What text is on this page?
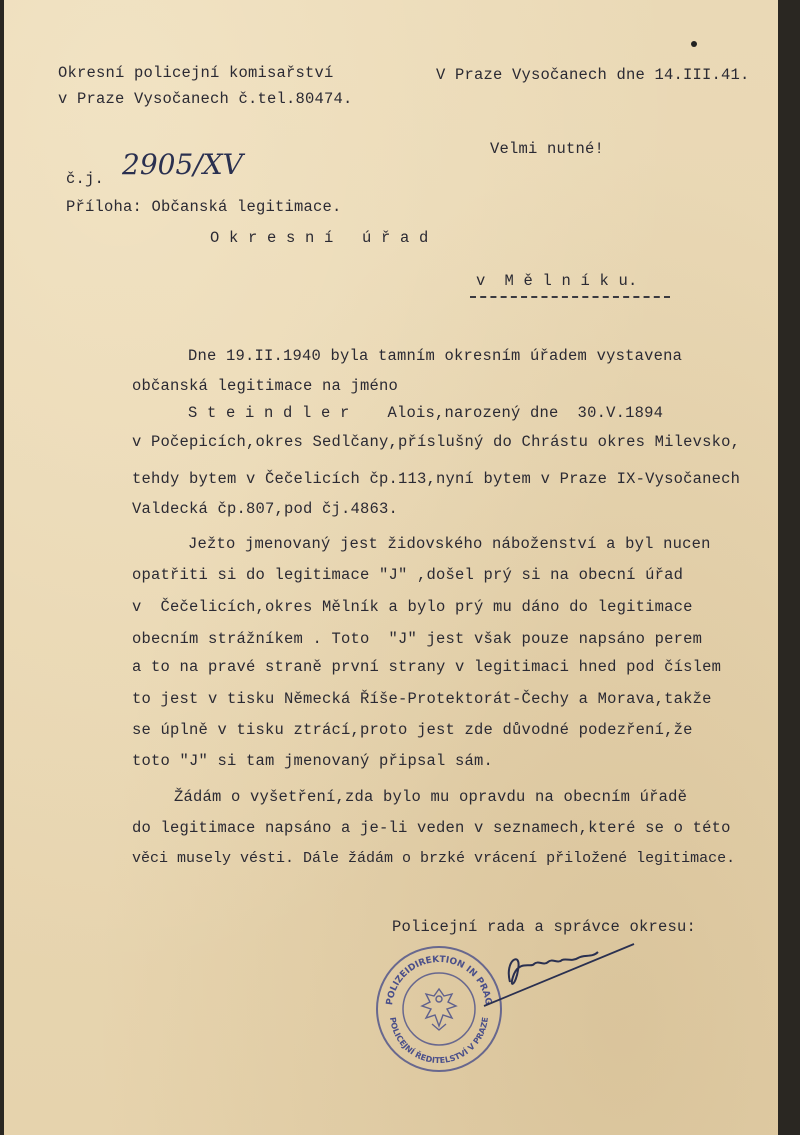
Okresní policejní komisařství
v Praze Vysočanech č.tel.80474.
V Praze Vysočanech dne 14.III.41.
Velmi nutné!
č.j. 2905/XV
Příloha: Občanská legitimace.
O k r e s n í   ú ř a d
v  M ě l n í k u.
Dne 19.II.1940 byla tamním okresním úřadem vystavena
občanská legitimace na jméno
S t e i n d l e r    Alois,narozený dne  30.V.1894
v Počepicích,okres Sedlčany,příslušný do Chrástu okres Milevsko,
tehdy bytem v Čečelicích čp.113,nyní bytem v Praze IX-Vysočanech
Valdecká čp.807,pod čj.4863.
Ježto jmenovaný jest židovského náboženství a byl nucen
opatřiti si do legitimace "J" ,došel prý si na obecní úřad
v  Čečelicích,okres Mělník a bylo prý mu dáno do legitimace
obecním strážníkem . Toto  "J" jest však pouze napsáno perem
a to na pravé straně první strany v legitimaci hned pod číslem
to jest v tisku Německá Říše-Protektorát-Čechy a Morava,takže
se úplně v tisku ztrácí,proto jest zde důvodné podezření,že
toto "J" si tam jmenovaný připsal sám.
Žádám o vyšetření,zda bylo mu opravdu na obecním úřadě
do legitimace napsáno a je-li veden v seznamech,které se o této
věci musely vésti. Dále žádám o brzké vrácení přiložené legitimace.
Policejní rada a správce okresu:
POLIZEIDIREKTION IN PRAG
POLICEJNÍ ŘEDITELSTVÍ V PRAZE
